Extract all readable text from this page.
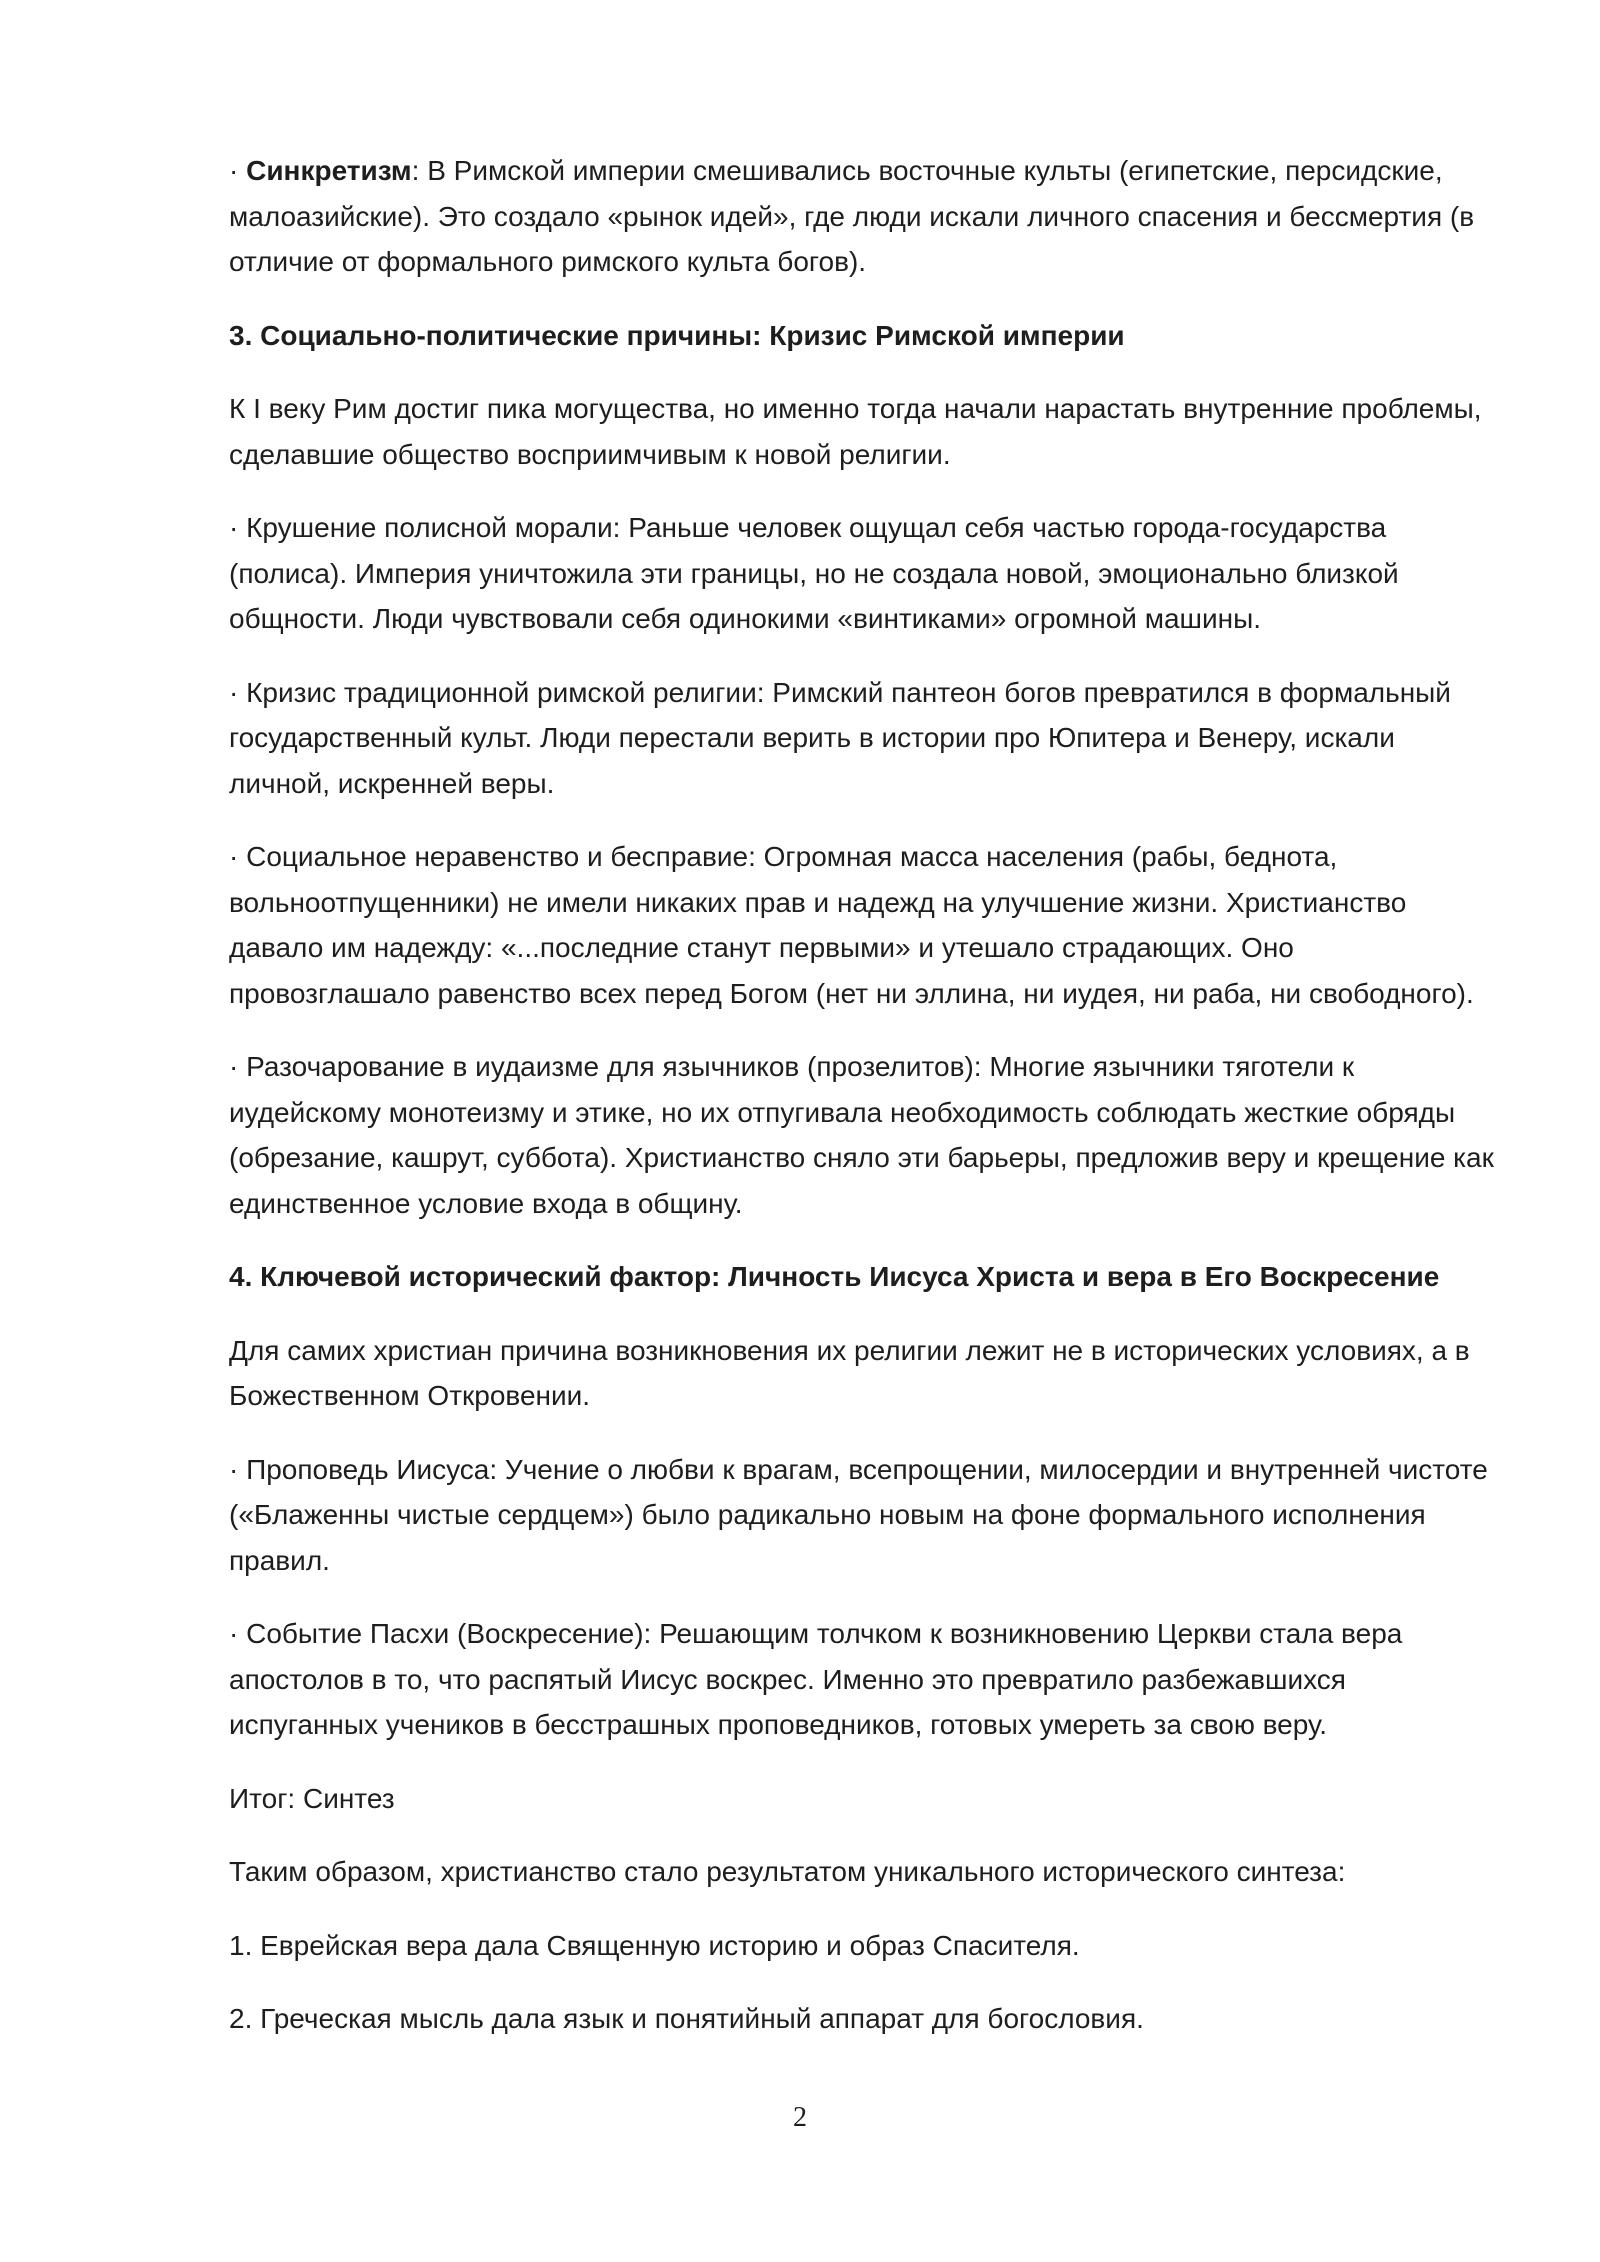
· Синкретизм: В Римской империи смешивались восточные культы (египетские, персидские, малоазийские). Это создало «рынок идей», где люди искали личного спасения и бессмертия (в отличие от формального римского культа богов).

3. Социально-политические причины: Кризис Римской империи

К I веку Рим достиг пика могущества, но именно тогда начали нарастать внутренние проблемы, сделавшие общество восприимчивым к новой религии.

· Крушение полисной морали: Раньше человек ощущал себя частью города-государства (полиса). Империя уничтожила эти границы, но не создала новой, эмоционально близкой общности. Люди чувствовали себя одинокими «винтиками» огромной машины.

· Кризис традиционной римской религии: Римский пантеон богов превратился в формальный государственный культ. Люди перестали верить в истории про Юпитера и Венеру, искали личной, искренней веры.

· Социальное неравенство и бесправие: Огромная масса населения (рабы, беднота, вольноотпущенники) не имели никаких прав и надежд на улучшение жизни. Христианство давало им надежду: «...последние станут первыми» и утешало страдающих. Оно провозглашало равенство всех перед Богом (нет ни эллина, ни иудея, ни раба, ни свободного).

· Разочарование в иудаизме для язычников (прозелитов): Многие язычники тяготели к иудейскому монотеизму и этике, но их отпугивала необходимость соблюдать жесткие обряды (обрезание, кашрут, суббота). Христианство сняло эти барьеры, предложив веру и крещение как единственное условие входа в общину.

4. Ключевой исторический фактор: Личность Иисуса Христа и вера в Его Воскресение

Для самих христиан причина возникновения их религии лежит не в исторических условиях, а в Божественном Откровении.

· Проповедь Иисуса: Учение о любви к врагам, всепрощении, милосердии и внутренней чистоте («Блаженны чистые сердцем») было радикально новым на фоне формального исполнения правил.

· Событие Пасхи (Воскресение): Решающим толчком к возникновению Церкви стала вера апостолов в то, что распятый Иисус воскрес. Именно это превратило разбежавшихся испуганных учеников в бесстрашных проповедников, готовых умереть за свою веру.

Итог: Синтез

Таким образом, христианство стало результатом уникального исторического синтеза:

1. Еврейская вера дала Священную историю и образ Спасителя.

2. Греческая мысль дала язык и понятийный аппарат для богословия.

2
